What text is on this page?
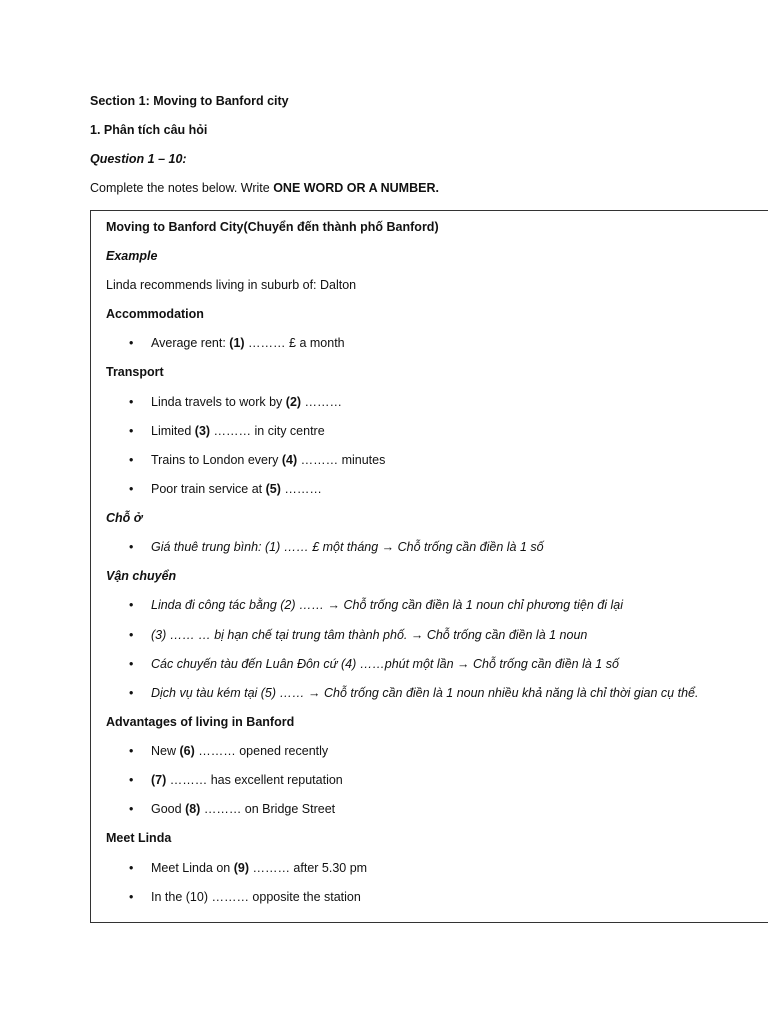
Section 1: Moving to Banford city
1. Phân tích câu hỏi
Question 1 – 10:
Complete the notes below. Write ONE WORD OR A NUMBER.
Moving to Banford City(Chuyển đến thành phố Banford)
Example
Linda recommends living in suburb of: Dalton
Accommodation
• Average rent: (1) ……… £ a month
Transport
• Linda travels to work by (2) ………
• Limited (3) ……… in city centre
• Trains to London every (4) ……… minutes
• Poor train service at (5) ………
Chỗ ở
• Giá thuê trung bình: (1) …… £ một tháng → Chỗ trống cần điền là 1 số
Vận chuyển
• Linda đi công tác bằng (2) …… → Chỗ trống cần điền là 1 noun chỉ phương tiện đi lại
• (3) …… … bị hạn chế tại trung tâm thành phố. → Chỗ trống cần điền là 1 noun
• Các chuyến tàu đến Luân Đôn cứ (4) ……phút một lần → Chỗ trống cần điền là 1 số
• Dịch vụ tàu kém tại (5) …… → Chỗ trống cần điền là 1 noun nhiều khả năng là chỉ thời gian cụ thể.
Advantages of living in Banford
• New (6) ……… opened recently
• (7) ……… has excellent reputation
• Good (8) ……… on Bridge Street
Meet Linda
• Meet Linda on (9) ……… after 5.30 pm
• In the (10) ……… opposite the station
